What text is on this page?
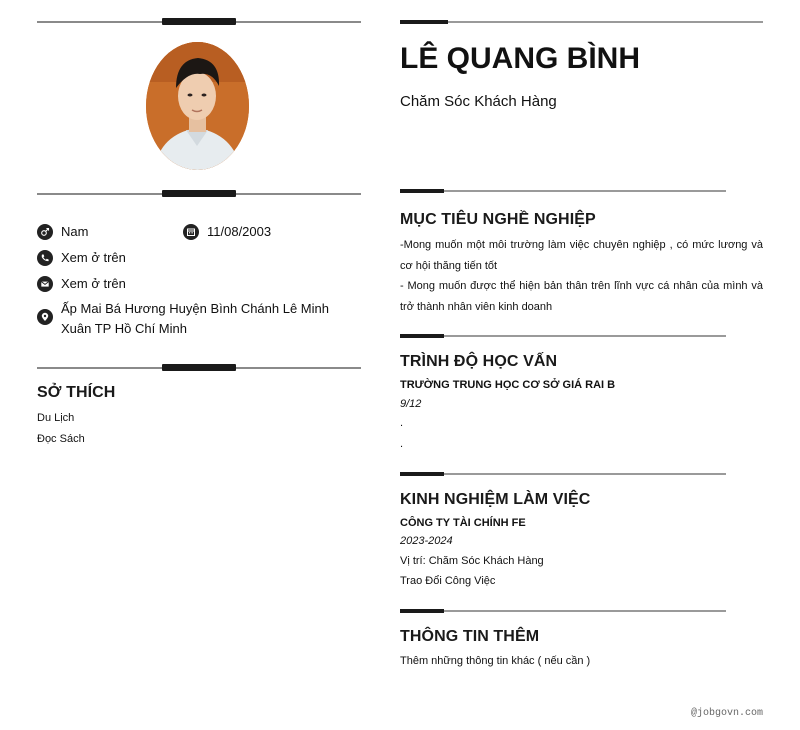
Nam	11/08/2003
Xem ở trên
Xem ở trên
Ấp Mai Bá Hương Huyện Bình Chánh Lê Minh Xuân TP Hồ Chí Minh
SỞ THÍCH
Du Lịch
Đọc Sách
LÊ QUANG BÌNH
Chăm Sóc Khách Hàng
MỤC TIÊU NGHỀ NGHIỆP
-Mong muốn một môi trường làm việc chuyên nghiệp , có mức lương và cơ hội thăng tiến tốt
- Mong muốn được thể hiện bản thân trên lĩnh vực cá nhân của mình và trở thành nhân viên kinh doanh
TRÌNH ĐỘ HỌC VẤN
TRƯỜNG TRUNG HỌC CƠ SỞ GIÁ RAI B
9/12
.
.
KINH NGHIỆM LÀM VIỆC
CÔNG TY TÀI CHÍNH FE
2023-2024
Vị trí: Chăm Sóc Khách Hàng
Trao Đổi Công Việc
THÔNG TIN THÊM
Thêm những thông tin khác ( nếu cần )
@jobgovn.com
